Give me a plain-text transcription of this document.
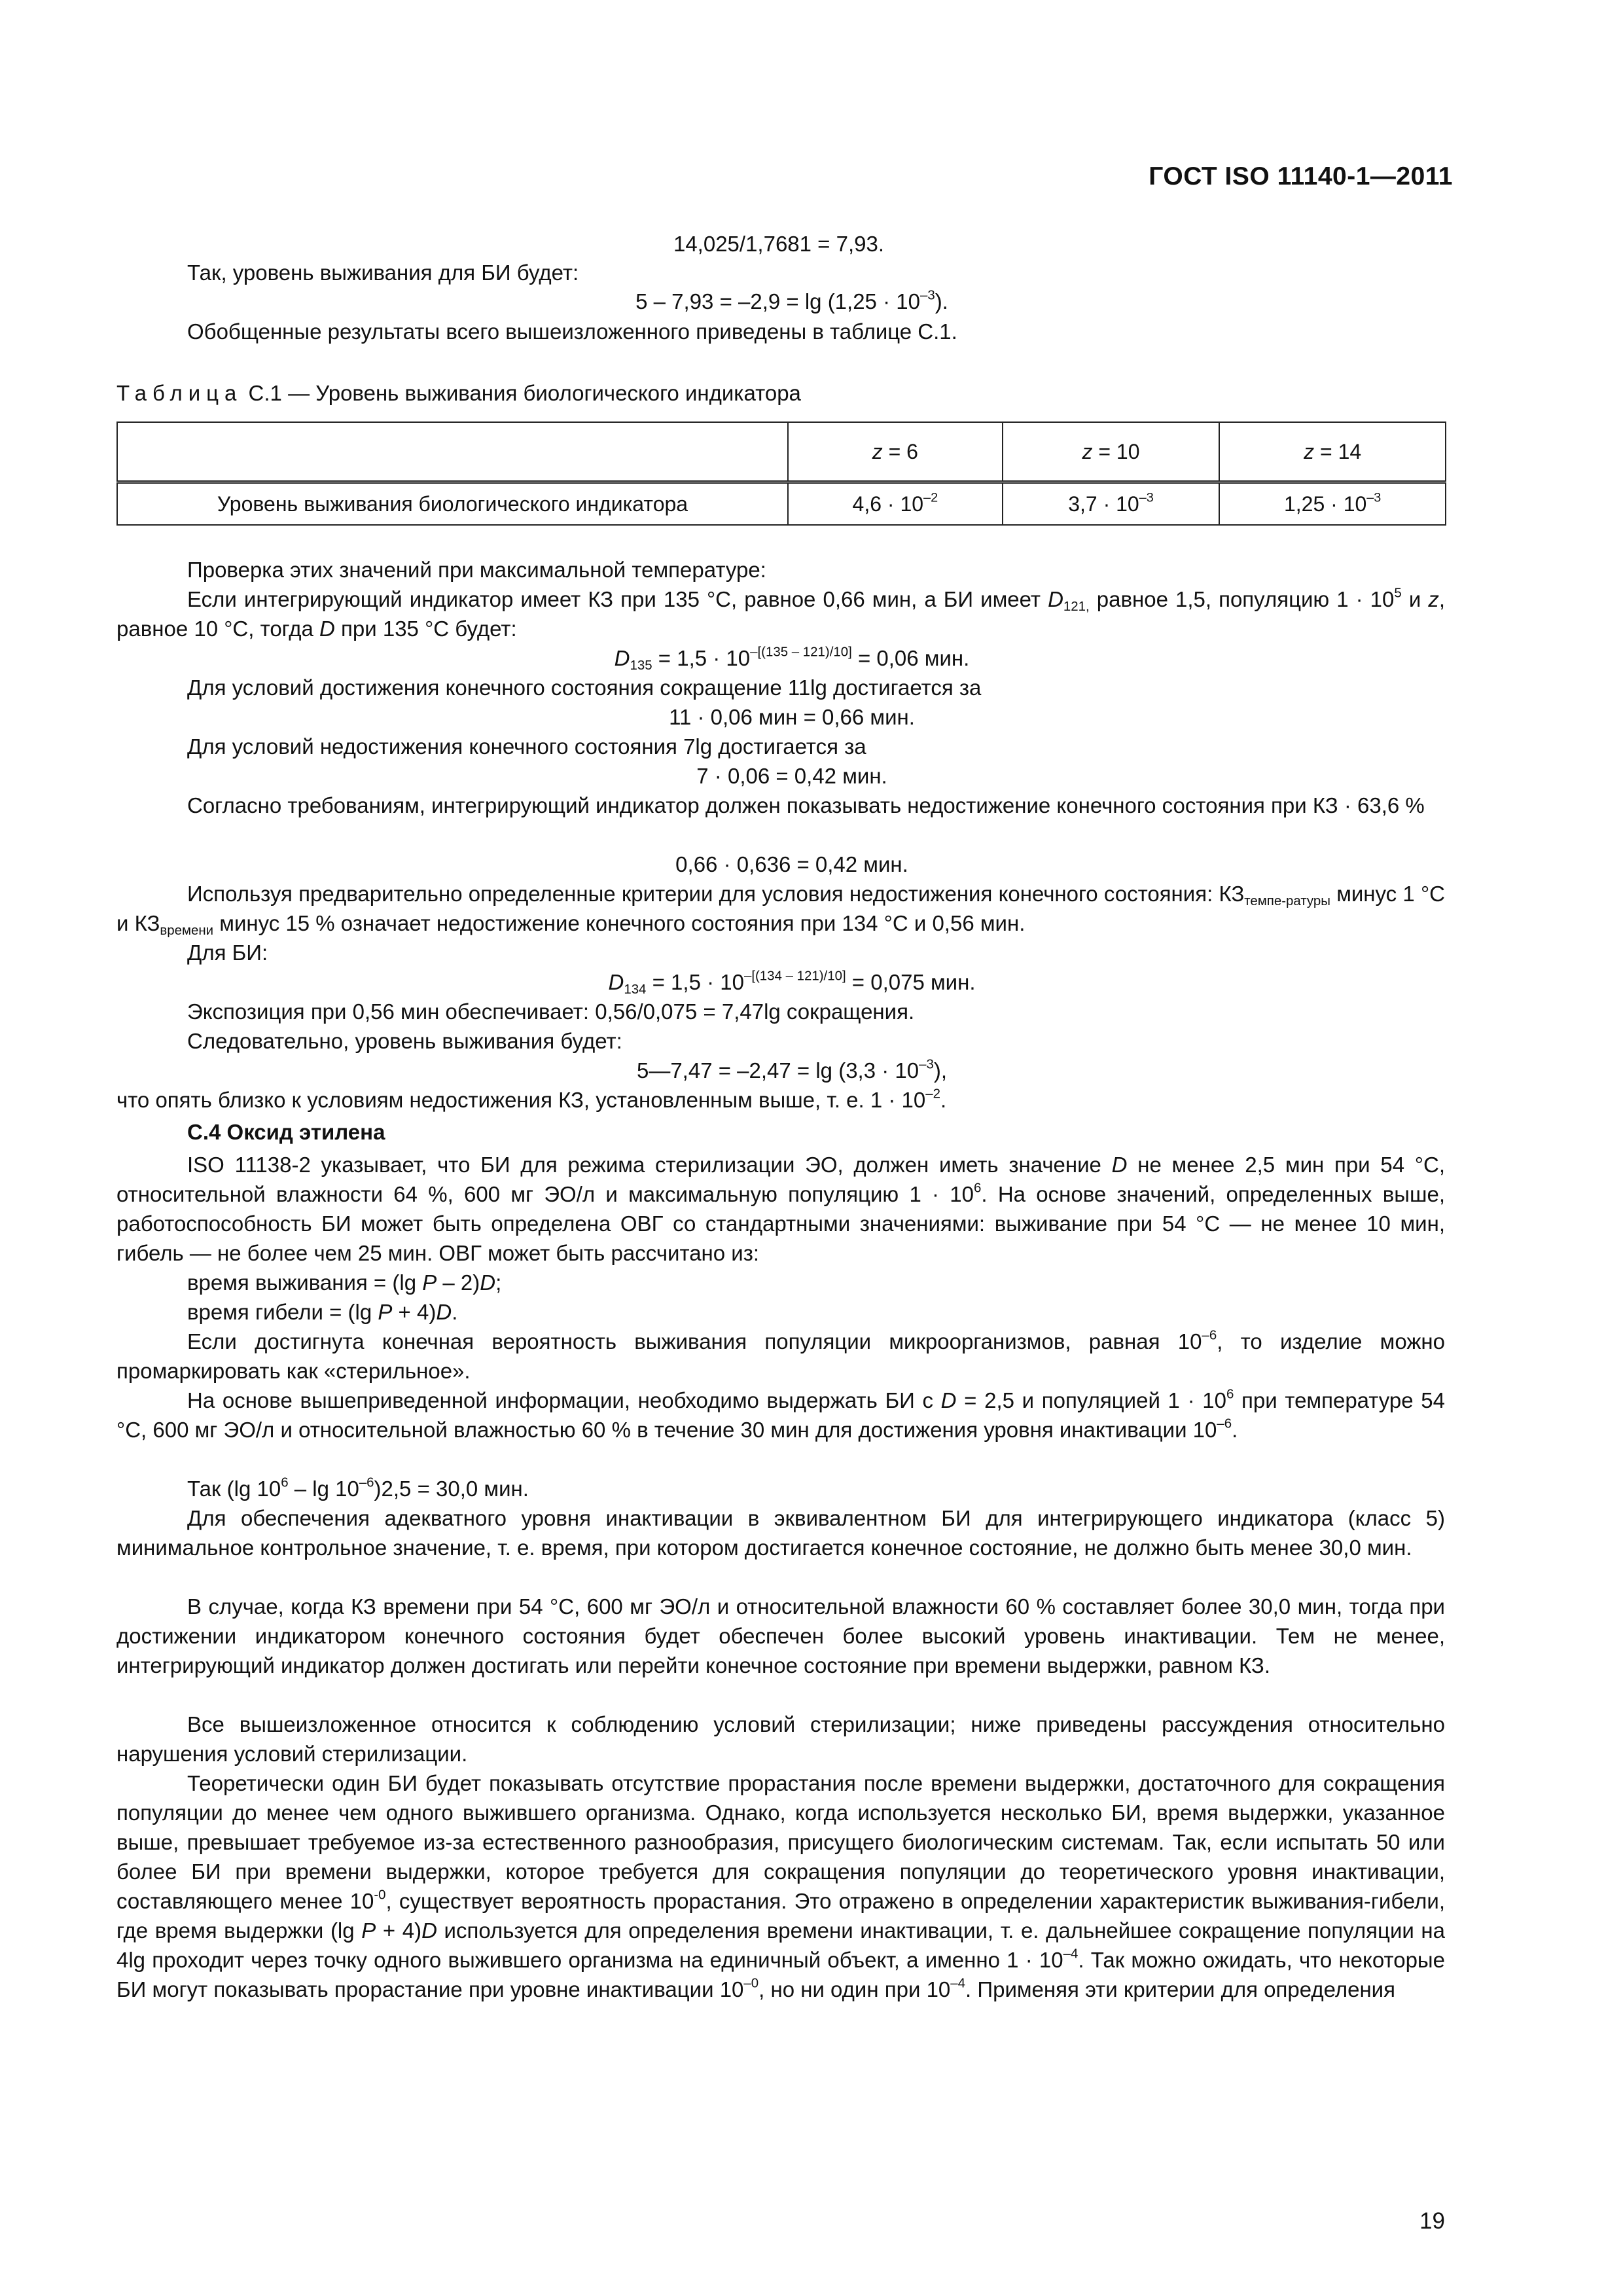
ГОСТ ISO 11140-1—2011

14,025/1,7681 = 7,93.

Так, уровень выживания для БИ будет:

$5 - 7,93 = -2,9 = \lg (1,25 \cdot 10^{-3})$.

Обобщенные результаты всего вышеизложенного приведены в таблице С.1.

Таблица С.1 — Уровень выживания биологического индикатора
	z = 6	z = 10	z = 14
Уровень выживания биологического индикатора	$4,6 \cdot 10^{-2}$	$3,7 \cdot 10^{-3}$	$1,25 \cdot 10^{-3}$

Проверка этих значений при максимальной температуре:

Если интегрирующий индикатор имеет КЗ при 135 °С, равное 0,66 мин, а БИ имеет $D_{121,}$ равное 1,5, популяцию $1 \cdot 10^5$ и z, равное 10 °С, тогда D при 135 °С будет:

$D_{135} = 1,5 \cdot 10^{-[(135 - 121)/10]} = 0,06$ мин.

Для условий достижения конечного состояния сокращение 11lg достигается за

11 · 0,06 мин = 0,66 мин.

Для условий недостижения конечного состояния 7lg достигается за

7 · 0,06 = 0,42 мин.

Согласно требованиям, интегрирующий индикатор должен показывать недостижение конечного состояния при КЗ · 63,6 %

0,66 · 0,636 = 0,42 мин.

Используя предварительно определенные критерии для условия недостижения конечного состояния: $КЗ_{темпе-ратуры}$ минус 1 °С и $КЗ_{времени}$ минус 15 % означает недостижение конечного состояния при 134 °С и 0,56 мин.

Для БИ:

$D_{134} = 1,5 \cdot 10^{-[(134 - 121)/10]} = 0,075$ мин.

Экспозиция при 0,56 мин обеспечивает: 0,56/0,075 = 7,47lg сокращения.

Следовательно, уровень выживания будет:

5—7,47 = $-2,47 = \lg (3,3 \cdot 10^{-3})$,

что опять близко к условиям недостижения КЗ, установленным выше, т. е. $1 \cdot 10^{-2}$.

С.4 Оксид этилена

ISO 11138-2 указывает, что БИ для режима стерилизации ЭО, должен иметь значение D не менее 2,5 мин при 54 °С, относительной влажности 64 %, 600 мг ЭО/л и максимальную популяцию $1 \cdot 10^6$. На основе значений, определенных выше, работоспособность БИ может быть определена ОВГ со стандартными значениями: выживание при 54 °С — не менее 10 мин, гибель — не более чем 25 мин. ОВГ может быть рассчитано из:

время выживания = (lg P – 2)D;

время гибели = (lg P + 4)D.

Если достигнута конечная вероятность выживания популяции микроорганизмов, равная $10^{-6}$, то изделие можно промаркировать как «стерильное».

На основе вышеприведенной информации, необходимо выдержать БИ с D = 2,5 и популяцией $1 \cdot 10^6$ при температуре 54 °С, 600 мг ЭО/л и относительной влажностью 60 % в течение 30 мин для достижения уровня инактивации $10^{-6}$.

Так (lg $10^6 - \lg 10^{-6})2,5 = 30,0$ мин.

Для обеспечения адекватного уровня инактивации в эквивалентном БИ для интегрирующего индикатора (класс 5) минимальное контрольное значение, т. е. время, при котором достигается конечное состояние, не должно быть менее 30,0 мин.

В случае, когда КЗ времени при 54 °С, 600 мг ЭО/л и относительной влажности 60 % составляет более 30,0 мин, тогда при достижении индикатором конечного состояния будет обеспечен более высокий уровень инактивации. Тем не менее, интегрирующий индикатор должен достигать или перейти конечное состояние при времени выдержки, равном КЗ.

Все вышеизложенное относится к соблюдению условий стерилизации; ниже приведены рассуждения относительно нарушения условий стерилизации.

Теоретически один БИ будет показывать отсутствие прорастания после времени выдержки, достаточного для сокращения популяции до менее чем одного выжившего организма. Однако, когда используется несколько БИ, время выдержки, указанное выше, превышает требуемое из-за естественного разнообразия, присущего биологическим системам. Так, если испытать 50 или более БИ при времени выдержки, которое требуется для сокращения популяции до теоретического уровня инактивации, составляющего менее $10^{-0}$, существует вероятность прорастания. Это отражено в определении характеристик выживания-гибели, где время выдержки (lg P + 4)D используется для определения времени инактивации, т. е. дальнейшее сокращение популяции на 4lg проходит через точку одного выжившего организма на единичный объект, а именно $1 \cdot 10^{-4}$. Так можно ожидать, что некоторые БИ могут показывать прорастание при уровне инактивации $10^{-0}$, но ни один при $10^{-4}$. Применяя эти критерии для определения

19
